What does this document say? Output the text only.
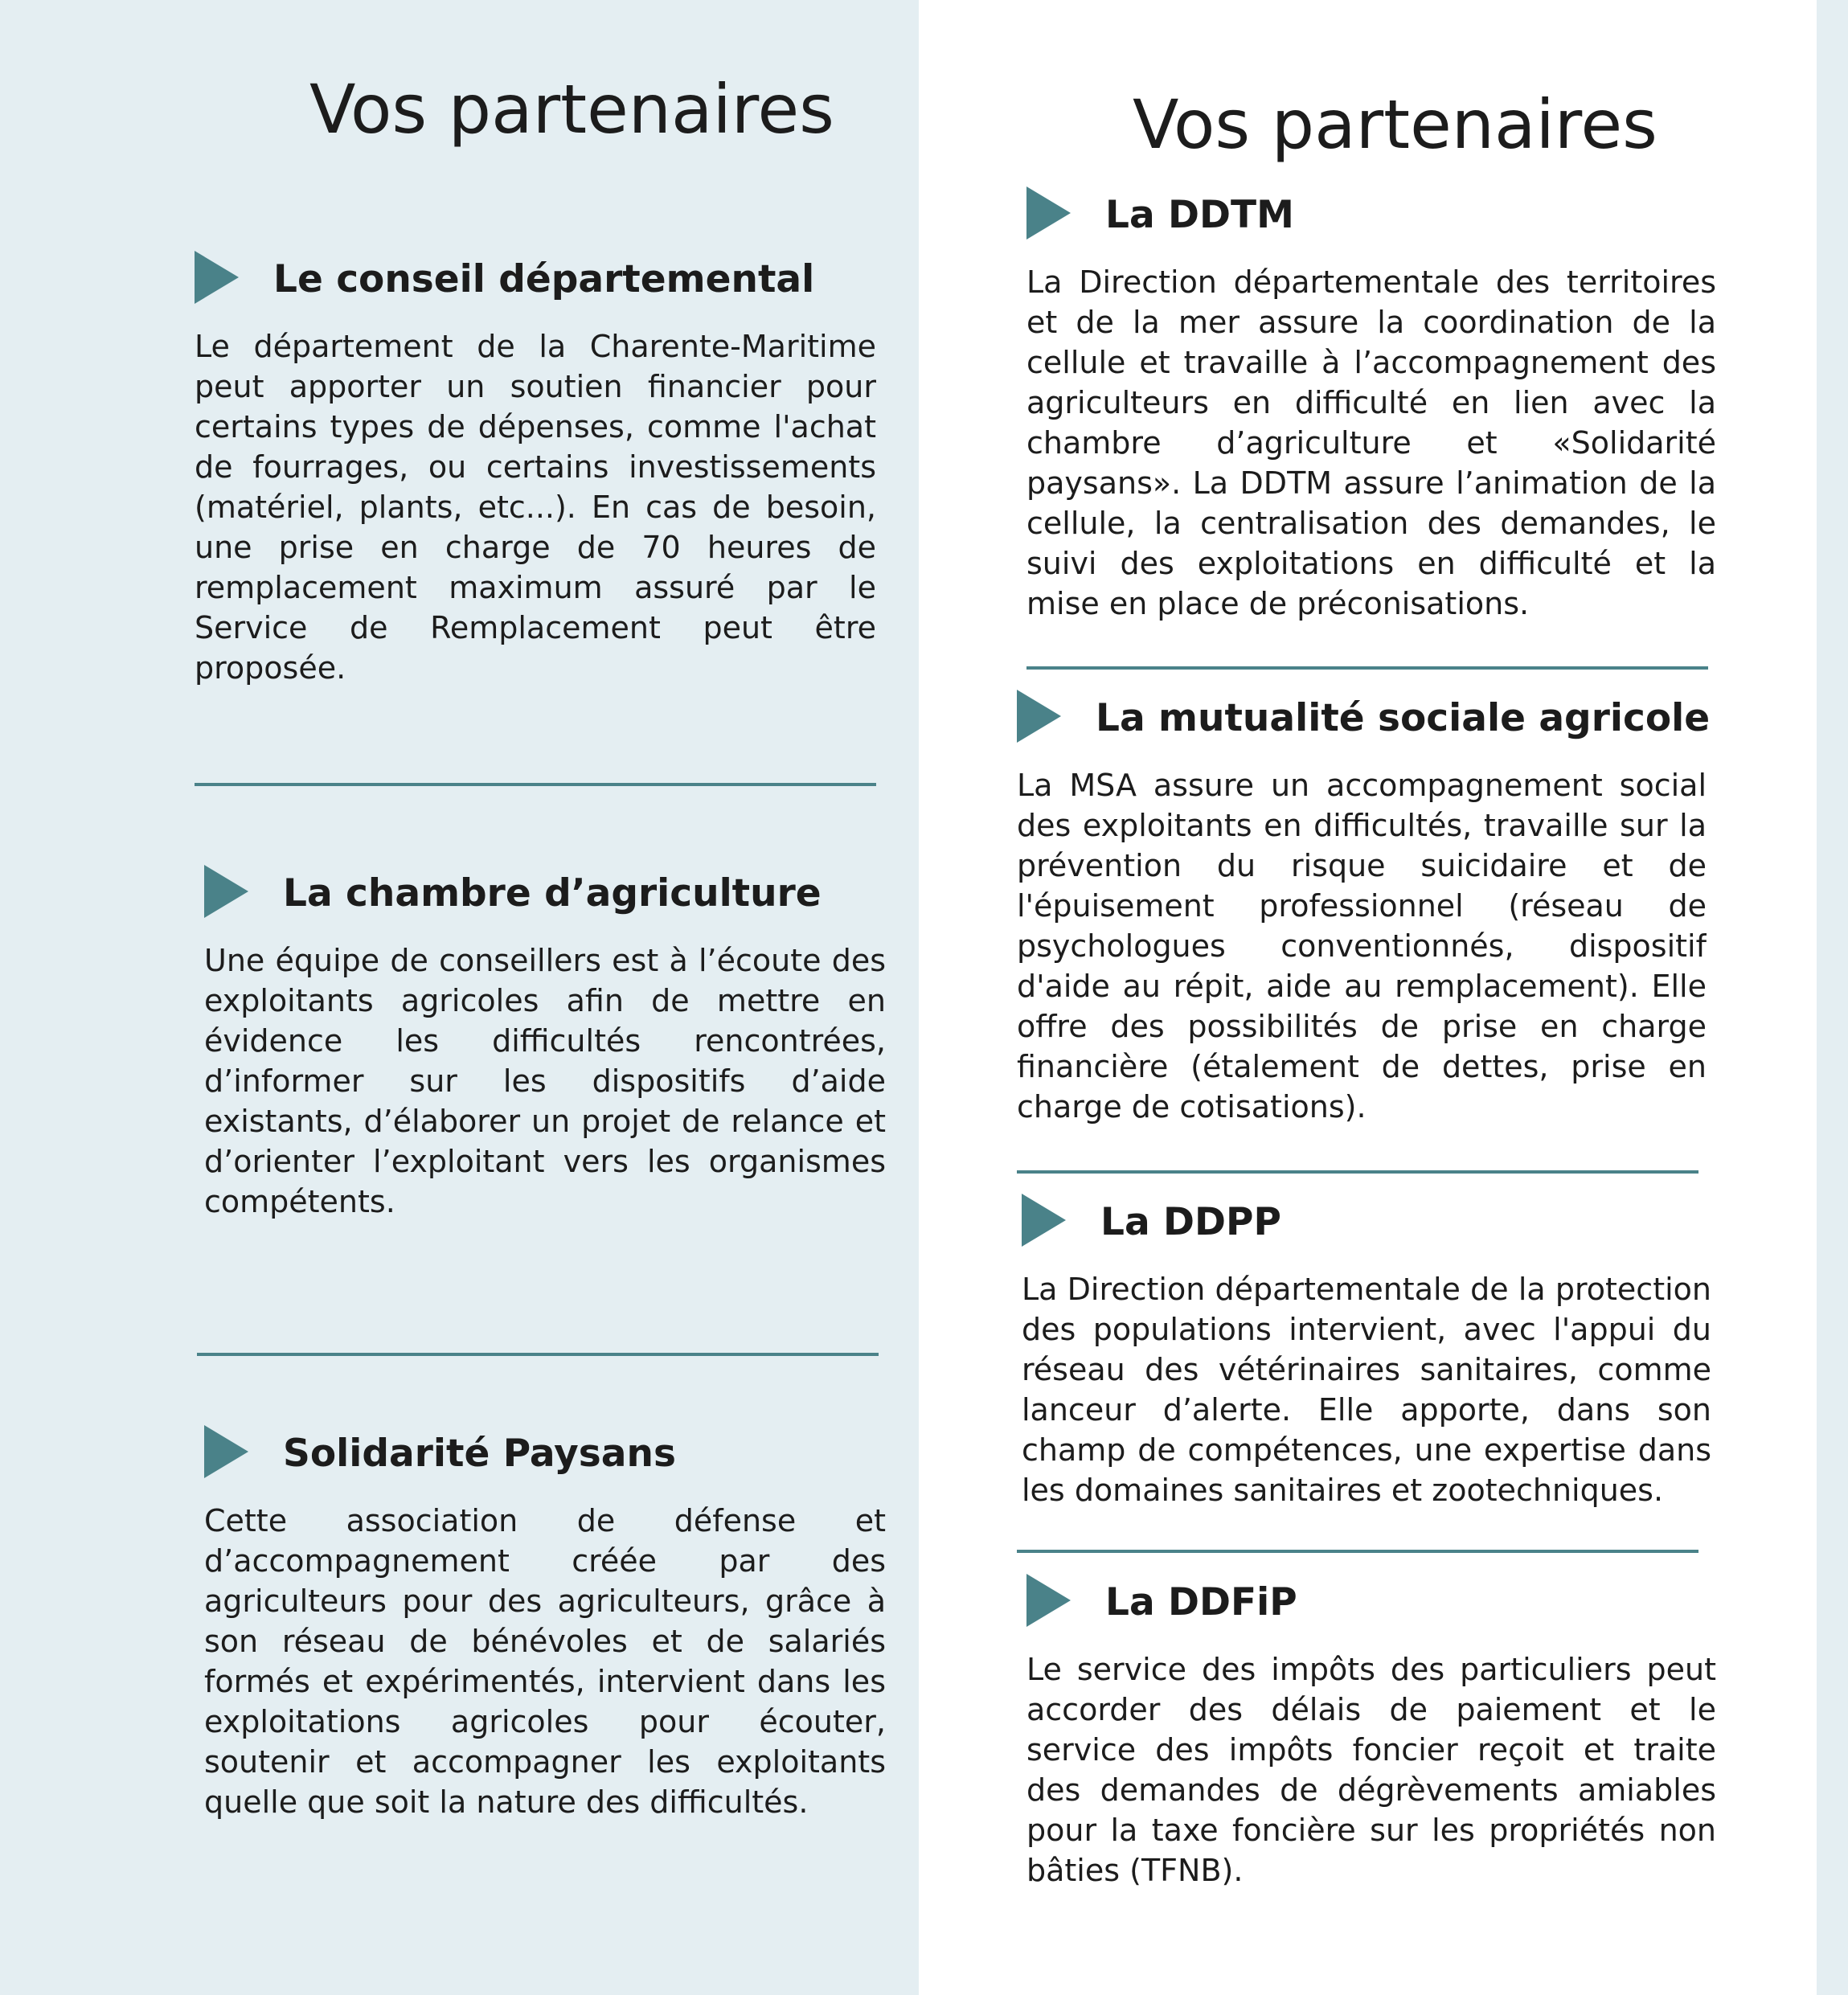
Vos partenaires
Le conseil départemental

Le département de la Charente-Maritime peut apporter un soutien financier pour certains types de dépenses, comme l'achat de fourrages, ou certains investissements (matériel, plants, etc...). En cas de besoin, une prise en charge de 70 heures de remplacement maximum assuré par le Service de Remplacement peut être proposée.

La chambre d’agriculture

Une équipe de conseillers est à l’écoute des exploitants agricoles afin de mettre en évidence les difficultés rencontrées, d’informer sur les dispositifs d’aide existants, d’élaborer un projet de relance et d’orienter l’exploitant vers les organismes compétents.

Solidarité Paysans

Cette association de défense et d’accompagnement créée par des agriculteurs pour des agriculteurs, grâce à son réseau de bénévoles et de salariés formés et expérimentés, intervient dans les exploitations agricoles pour écouter, soutenir et accompagner les exploitants quelle que soit la nature des difficultés.

Vos partenaires
La DDTM

La Direction départementale des territoires et de la mer assure la coordination de la cellule et travaille à l’accompagnement des agriculteurs en difficulté en lien avec la chambre d’agriculture et «Solidarité paysans». La DDTM assure l’animation de la cellule, la centralisation des demandes, le suivi des exploitations en difficulté et la mise en place de préconisations.

La mutualité sociale agricole

La MSA assure un accompagnement social des exploitants en difficultés, travaille sur la prévention du risque suicidaire et de l'épuisement professionnel (réseau de psychologues conventionnés, dispositif d'aide au répit, aide au remplacement). Elle offre des possibilités de prise en charge financière (étalement de dettes, prise en charge de cotisations).

La DDPP

La Direction départementale de la protection des populations intervient, avec l'appui du réseau des vétérinaires sanitaires, comme lanceur d’alerte. Elle apporte, dans son champ de compétences, une expertise dans les domaines sanitaires et zootechniques.

La DDFiP

Le service des impôts des particuliers peut accorder des délais de paiement et le service des impôts foncier reçoit et traite des demandes de dégrèvements amiables pour la taxe foncière sur les propriétés non bâties (TFNB).
